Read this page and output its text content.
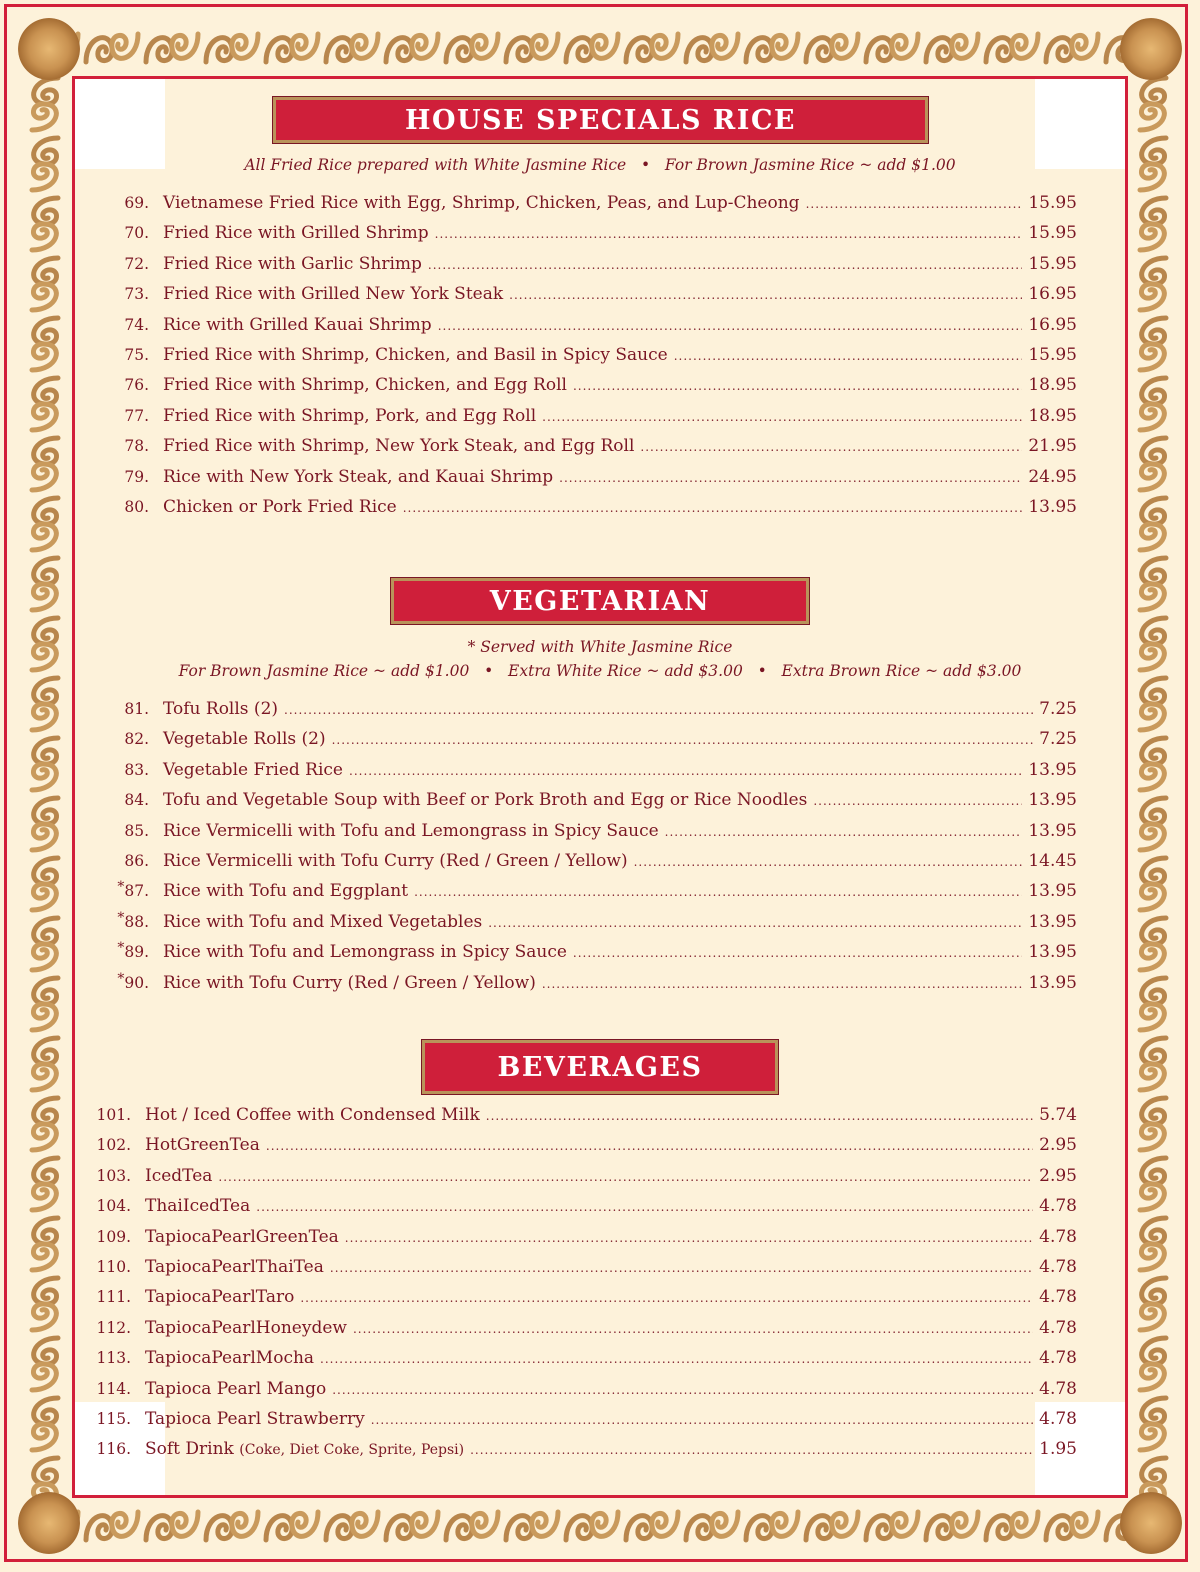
HOUSE SPECIALS RICE
All Fried Rice prepared with White Jasmine Rice   •   For Brown Jasmine Rice ~ add $1.00
69. Vietnamese Fried Rice with Egg, Shrimp, Chicken, Peas, and Lup-Cheong .....	15.95
70. Fried Rice with Grilled Shrimp .....	15.95
72. Fried Rice with Garlic Shrimp .....	15.95
73. Fried Rice with Grilled New York Steak .....	16.95
74. Rice with Grilled Kauai Shrimp .....	16.95
75. Fried Rice with Shrimp, Chicken, and Basil in Spicy Sauce .....	15.95
76. Fried Rice with Shrimp, Chicken, and Egg Roll .....	18.95
77. Fried Rice with Shrimp, Pork, and Egg Roll .....	18.95
78. Fried Rice with Shrimp, New York Steak, and Egg Roll .....	21.95
79. Rice with New York Steak, and Kauai Shrimp .....	24.95
80. Chicken or Pork Fried Rice .....	13.95
VEGETARIAN
* Served with White Jasmine Rice
For Brown Jasmine Rice ~ add $1.00   •   Extra White Rice ~ add $3.00   •   Extra Brown Rice ~ add $3.00
81. Tofu Rolls (2) .....	7.25
82. Vegetable Rolls (2) .....	7.25
83. Vegetable Fried Rice .....	13.95
84. Tofu and Vegetable Soup with Beef or Pork Broth and Egg or Rice Noodles .....	13.95
85. Rice Vermicelli with Tofu and Lemongrass in Spicy Sauce .....	13.95
86. Rice Vermicelli with Tofu Curry (Red / Green / Yellow) .....	14.45
*87. Rice with Tofu and Eggplant .....	13.95
*88. Rice with Tofu and Mixed Vegetables .....	13.95
*89. Rice with Tofu and Lemongrass in Spicy Sauce .....	13.95
*90. Rice with Tofu Curry (Red / Green / Yellow) .....	13.95
BEVERAGES
101. Hot / Iced Coffee with Condensed Milk .....	5.74
102. HotGreenTea .....	2.95
103. IcedTea .....	2.95
104. ThaiIcedTea .....	4.78
109. TapiocaPearlGreenTea .....	4.78
110. TapiocaPearlThaiTea .....	4.78
111. TapiocaPearlTaro .....	4.78
112. TapiocaPearlHoneydew .....	4.78
113. TapiocaPearlMocha .....	4.78
114. Tapioca Pearl Mango .....	4.78
115. Tapioca Pearl Strawberry .....	4.78
116. Soft Drink (Coke, Diet Coke, Sprite, Pepsi) .....	1.95
